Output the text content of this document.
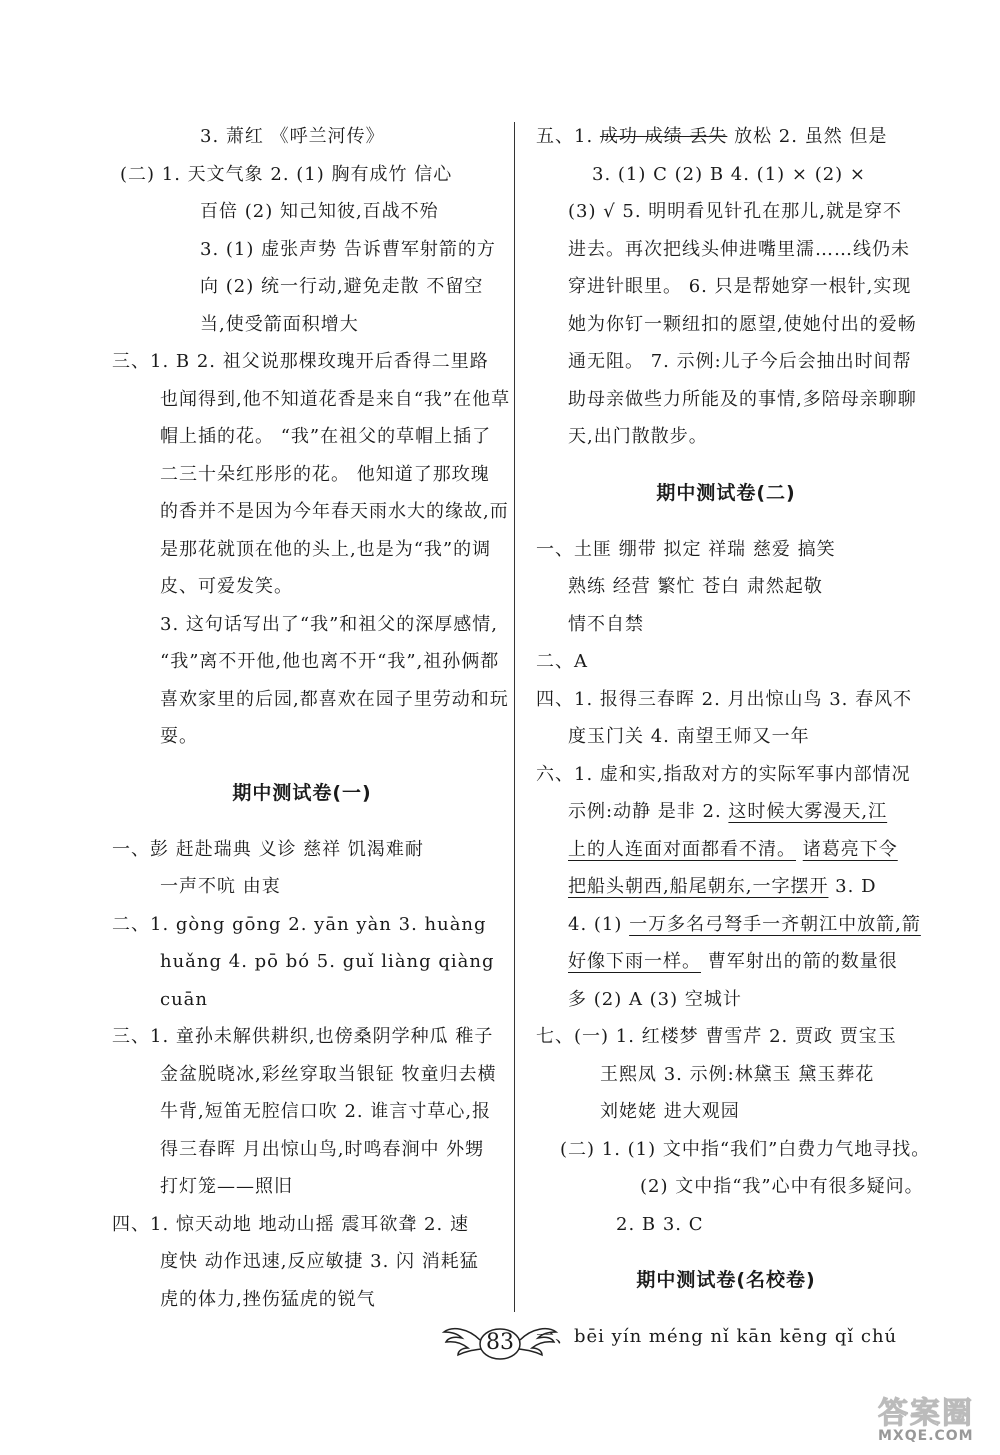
3. 萧红 《呼兰河传》
(二) 1. 天文气象 2. (1) 胸有成竹 信心
百倍 (2) 知己知彼,百战不殆
3. (1) 虚张声势 告诉曹军射箭的方
向 (2) 统一行动,避免走散 不留空
当,使受箭面积增大
三、1. B 2. 祖父说那棵玫瑰开后香得二里路
也闻得到,他不知道花香是来自“我”在他草
帽上插的花。 “我”在祖父的草帽上插了
二三十朵红彤彤的花。 他知道了那玫瑰
的香并不是因为今年春天雨水大的缘故,而
是那花就顶在他的头上,也是为“我”的调
皮、可爱发笑。
3. 这句话写出了“我”和祖父的深厚感情,
“我”离不开他,他也离不开“我”,祖孙俩都
喜欢家里的后园,都喜欢在园子里劳动和玩
耍。
期中测试卷(一)
一、彭 赶赴瑞典 义诊 慈祥 饥渴难耐
一声不吭 由衷
二、1. gòng gōng 2. yān yàn 3. huàng
huǎng 4. pō bó 5. guǐ liàng qiàng
cuān
三、1. 童孙未解供耕织,也傍桑阴学种瓜 稚子
金盆脱晓冰,彩丝穿取当银钲 牧童归去横
牛背,短笛无腔信口吹 2. 谁言寸草心,报
得三春晖 月出惊山鸟,时鸣春涧中 外甥
打灯笼——照旧
四、1. 惊天动地 地动山摇 震耳欲聋 2. 速
度快 动作迅速,反应敏捷 3. 闪 消耗猛
虎的体力,挫伤猛虎的锐气
五、1. 成功 成绩 丢失 放松 2. 虽然 但是
3. (1) C (2) B 4. (1) × (2) ×
(3) √ 5. 明明看见针孔在那儿,就是穿不
进去。再次把线头伸进嘴里濡……线仍未
穿进针眼里。 6. 只是帮她穿一根针,实现
她为你钉一颗纽扣的愿望,使她付出的爱畅
通无阻。 7. 示例:儿子今后会抽出时间帮
助母亲做些力所能及的事情,多陪母亲聊聊
天,出门散散步。
期中测试卷(二)
一、土匪 绷带 拟定 祥瑞 慈爱 搞笑
熟练 经营 繁忙 苍白 肃然起敬
情不自禁
二、A
四、1. 报得三春晖 2. 月出惊山鸟 3. 春风不
度玉门关 4. 南望王师又一年
六、1. 虚和实,指敌对方的实际军事内部情况
示例:动静 是非 2. 这时候大雾漫天,江
上的人连面对面都看不清。 诸葛亮下令
把船头朝西,船尾朝东,一字摆开 3. D
4. (1) 一万多名弓弩手一齐朝江中放箭,箭
好像下雨一样。 曹军射出的箭的数量很
多 (2) A (3) 空城计
七、(一) 1. 红楼梦 曹雪芹 2. 贾政 贾宝玉
王熙凤 3. 示例:林黛玉 黛玉葬花
刘姥姥 进大观园
(二) 1. (1) 文中指“我们”白费力气地寻找。
(2) 文中指“我”心中有很多疑问。
2. B 3. C
期中测试卷(名校卷)
一、bēi yín méng nǐ kān kēng qǐ chú
83
答案圈
MXQE.COM
